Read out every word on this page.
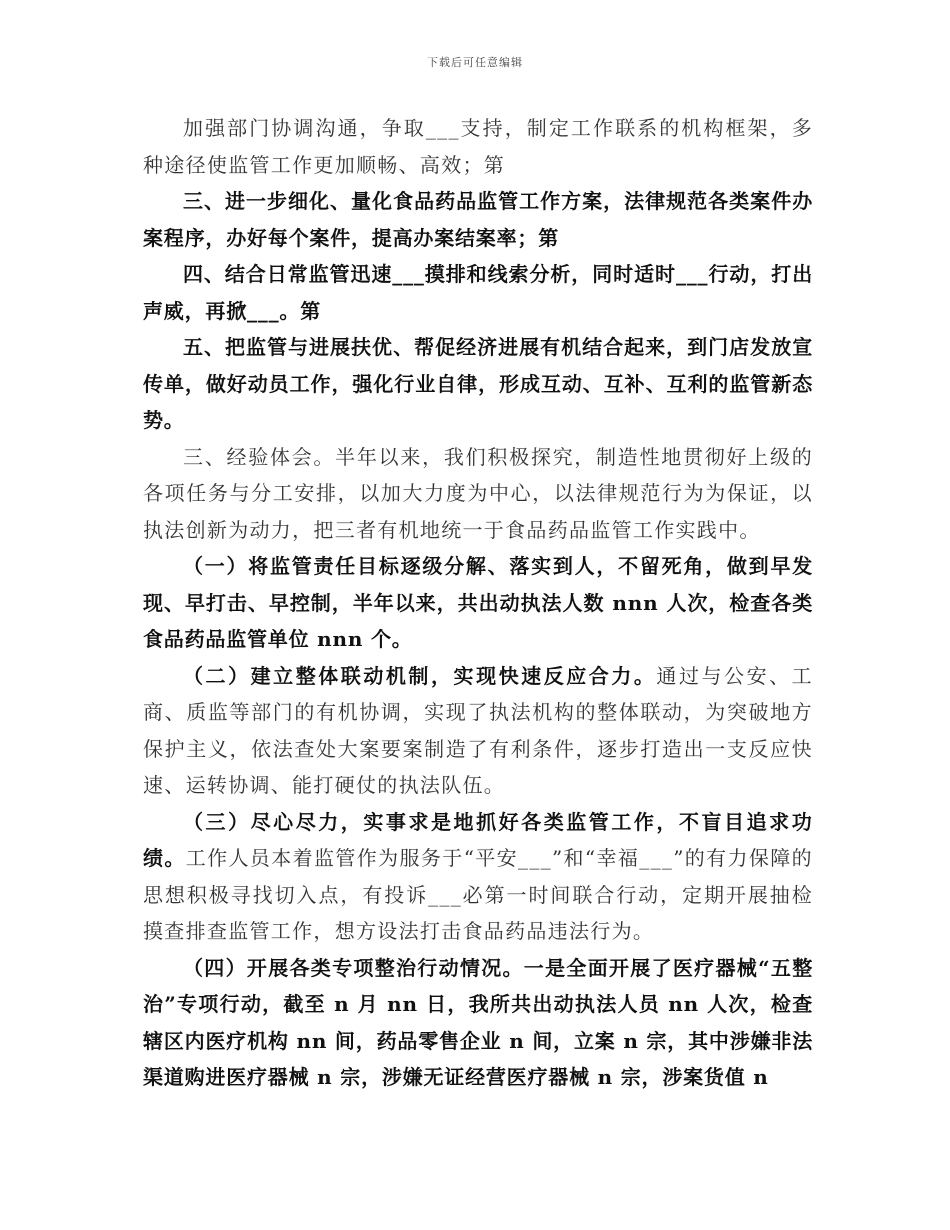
下载后可任意编辑

加强部门协调沟通，争取___支持，制定工作联系的机构框架，多种途径使监管工作更加顺畅、高效；第

三、进一步细化、量化食品药品监管工作方案，法律规范各类案件办案程序，办好每个案件，提高办案结案率；第

四、结合日常监管迅速___摸排和线索分析，同时适时___行动，打出声威，再掀___。第

五、把监管与进展扶优、帮促经济进展有机结合起来，到门店发放宣传单，做好动员工作，强化行业自律，形成互动、互补、互利的监管新态势。

三、经验体会。半年以来，我们积极探究，制造性地贯彻好上级的各项任务与分工安排，以加大力度为中心，以法律规范行为为保证，以执法创新为动力，把三者有机地统一于食品药品监管工作实践中。

（一）将监管责任目标逐级分解、落实到人，不留死角，做到早发现、早打击、早控制，半年以来，共出动执法人数 nnn 人次，检查各类食品药品监管单位 nnn 个。

（二）建立整体联动机制，实现快速反应合力。通过与公安、工商、质监等部门的有机协调，实现了执法机构的整体联动，为突破地方保护主义，依法查处大案要案制造了有利条件，逐步打造出一支反应快速、运转协调、能打硬仗的执法队伍。

（三）尽心尽力，实事求是地抓好各类监管工作，不盲目追求功绩。工作人员本着监管作为服务于“平安___”和“幸福___”的有力保障的思想积极寻找切入点，有投诉___必第一时间联合行动，定期开展抽检摸查排查监管工作，想方设法打击食品药品违法行为。

（四）开展各类专项整治行动情况。一是全面开展了医疗器械“五整治”专项行动，截至 n 月 nn 日，我所共出动执法人员 nn 人次，检查辖区内医疗机构 nn 间，药品零售企业 n 间，立案 n 宗，其中涉嫌非法渠道购进医疗器械 n 宗，涉嫌无证经营医疗器械 n 宗，涉案货值 n
